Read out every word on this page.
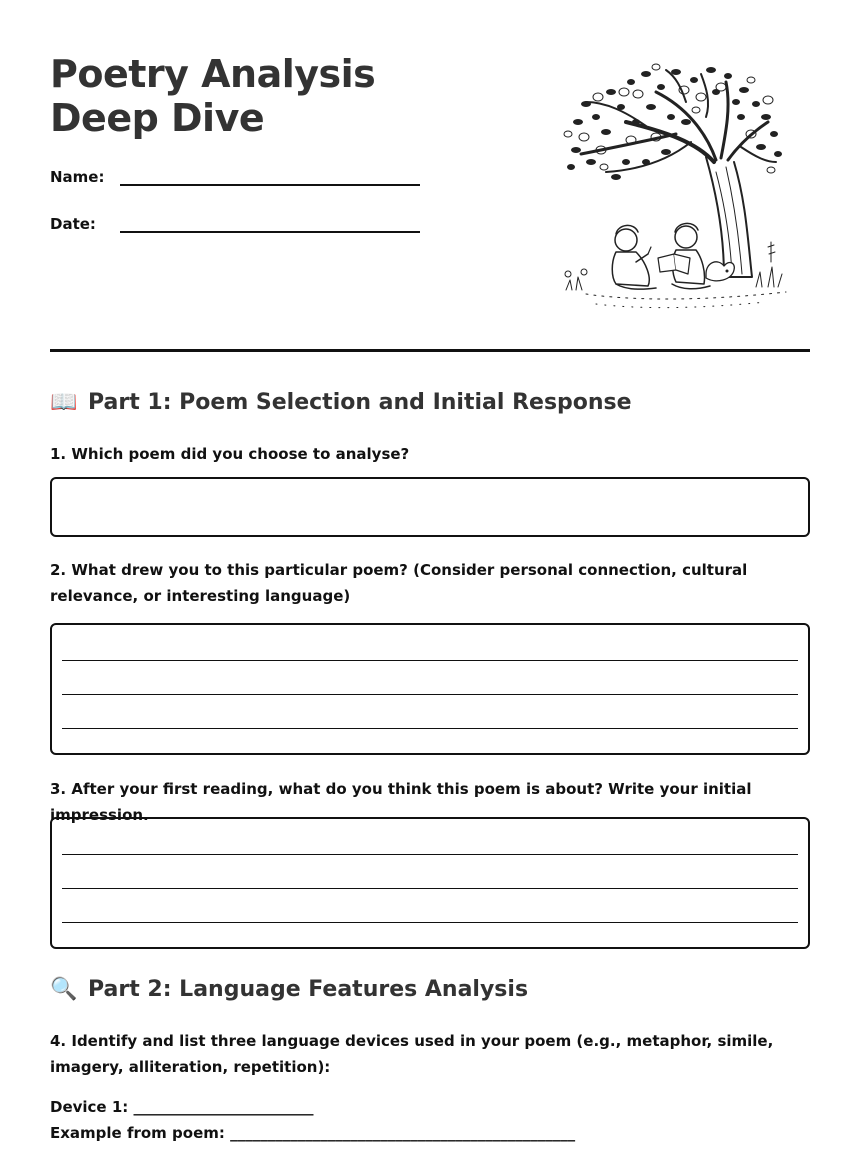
Poetry Analysis Deep Dive
Name:
Date:
📖 Part 1: Poem Selection and Initial Response
1. Which poem did you choose to analyse?
2. What drew you to this particular poem? (Consider personal connection, cultural relevance, or interesting language)
3. After your first reading, what do you think this poem is about? Write your initial impression.
🔍 Part 2: Language Features Analysis
4. Identify and list three language devices used in your poem (e.g., metaphor, simile, imagery, alliteration, repetition):
Device 1: ________________________
Example from poem: ______________________________________________
